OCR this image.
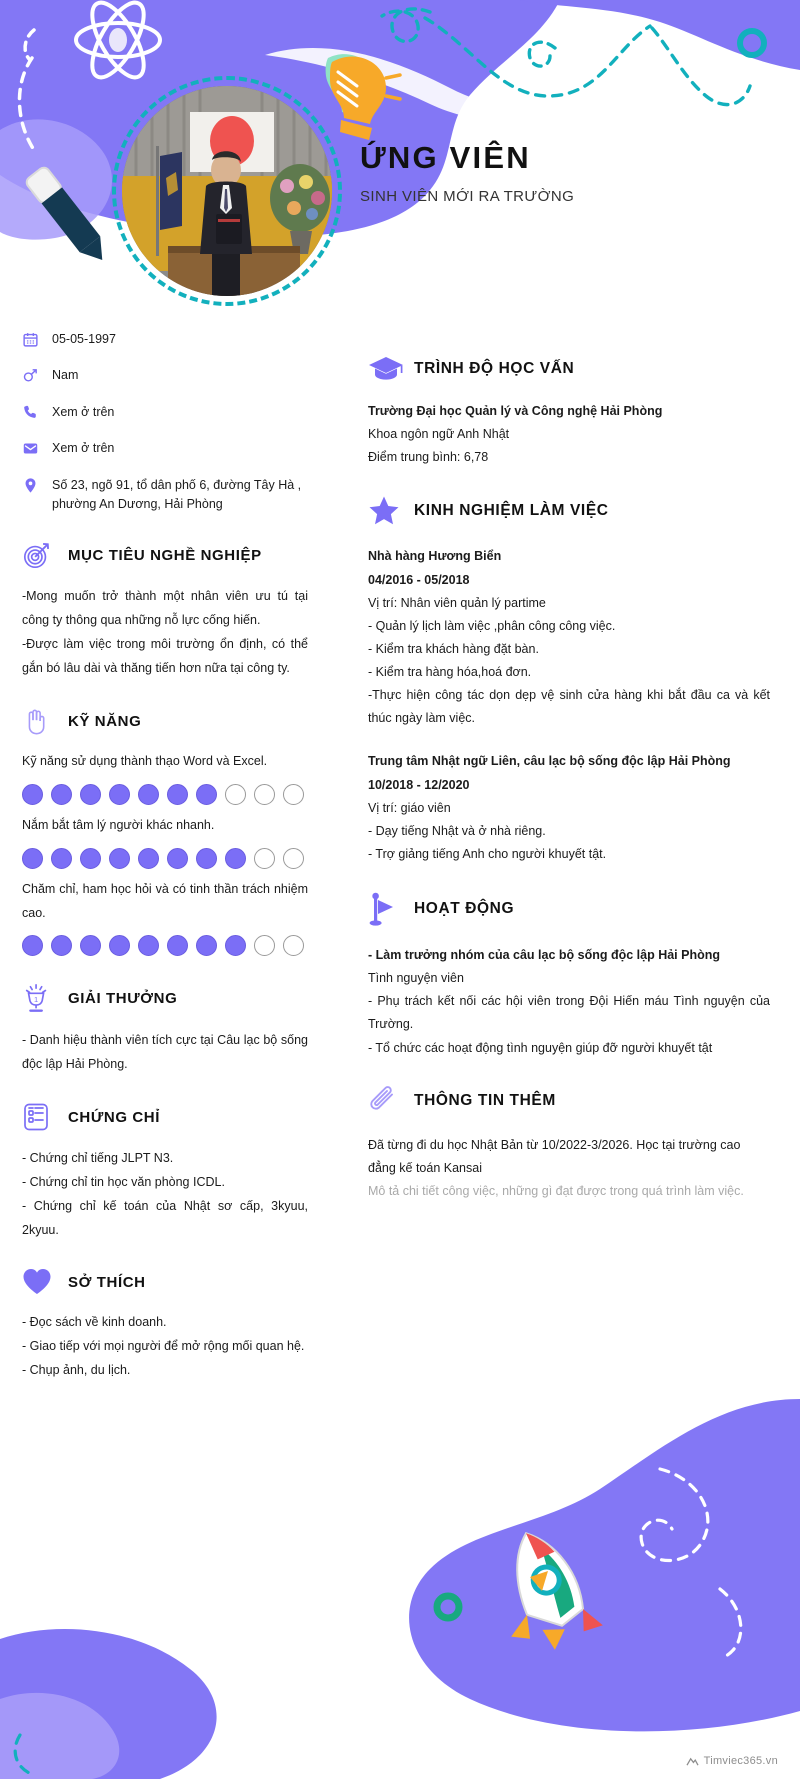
ỨNG VIÊN
SINH VIÊN MỚI RA TRƯỜNG
05-05-1997
Nam
Xem ở trên
Xem ở trên
Số 23, ngõ 91, tổ dân phố 6, đường Tây Hà , phường An Dương, Hải Phòng
MỤC TIÊU NGHỀ NGHIỆP
-Mong muốn trở thành một nhân viên ưu tú tại công ty thông qua những nỗ lực cống hiến.
-Được làm việc trong môi trường ổn định, có thể gắn bó lâu dài và thăng tiến hơn nữa tại công ty.
KỸ NĂNG
Kỹ năng sử dụng thành thạo Word và Excel.
Nắm bắt tâm lý người khác nhanh.
Chăm chỉ, ham học hỏi và có tinh thần trách nhiệm cao.
1 GIẢI THƯỞNG
- Danh hiệu thành viên tích cực tại Câu lạc bộ sống độc lập Hải Phòng.
CHỨNG CHỈ
- Chứng chỉ tiếng JLPT N3.
- Chứng chỉ tin học văn phòng ICDL.
- Chứng chỉ kế toán của Nhật sơ cấp, 3kyuu, 2kyuu.
SỞ THÍCH
- Đọc sách về kinh doanh.
- Giao tiếp với mọi người để mở rộng mối quan hệ.
- Chụp ảnh, du lịch.
TRÌNH ĐỘ HỌC VẤN
Trường Đại học Quản lý và Công nghệ Hải Phòng
Khoa ngôn ngữ Anh Nhật
Điểm trung bình: 6,78
KINH NGHIỆM LÀM VIỆC
Nhà hàng Hương Biển
04/2016 - 05/2018
Vị trí: Nhân viên quản lý partime
- Quản lý lịch làm việc ,phân công công việc.
- Kiểm tra khách hàng đặt bàn.
- Kiểm tra hàng hóa,hoá đơn.
-Thực hiện công tác dọn dẹp vệ sinh cửa hàng khi bắt đầu ca và kết thúc ngày làm việc.
Trung tâm Nhật ngữ Liên, câu lạc bộ sống độc lập Hải Phòng
10/2018 - 12/2020
Vị trí: giáo viên
- Dạy tiếng Nhật và ở nhà riêng.
- Trợ giảng tiếng Anh cho người khuyết tật.
HOẠT ĐỘNG
- Làm trưởng nhóm của câu lạc bộ sống độc lập Hải Phòng
Tình nguyện viên
- Phụ trách kết nối các hội viên trong Đội Hiến máu Tình nguyện của Trường.
- Tổ chức các hoạt động tình nguyện giúp đỡ người khuyết tật
THÔNG TIN THÊM
Đã từng đi du học Nhật Bản từ 10/2022-3/2026. Học tại trường cao đẳng kế toán Kansai
Mô tả chi tiết công việc, những gì đạt được trong quá trình làm việc.
Timviec365.vn
